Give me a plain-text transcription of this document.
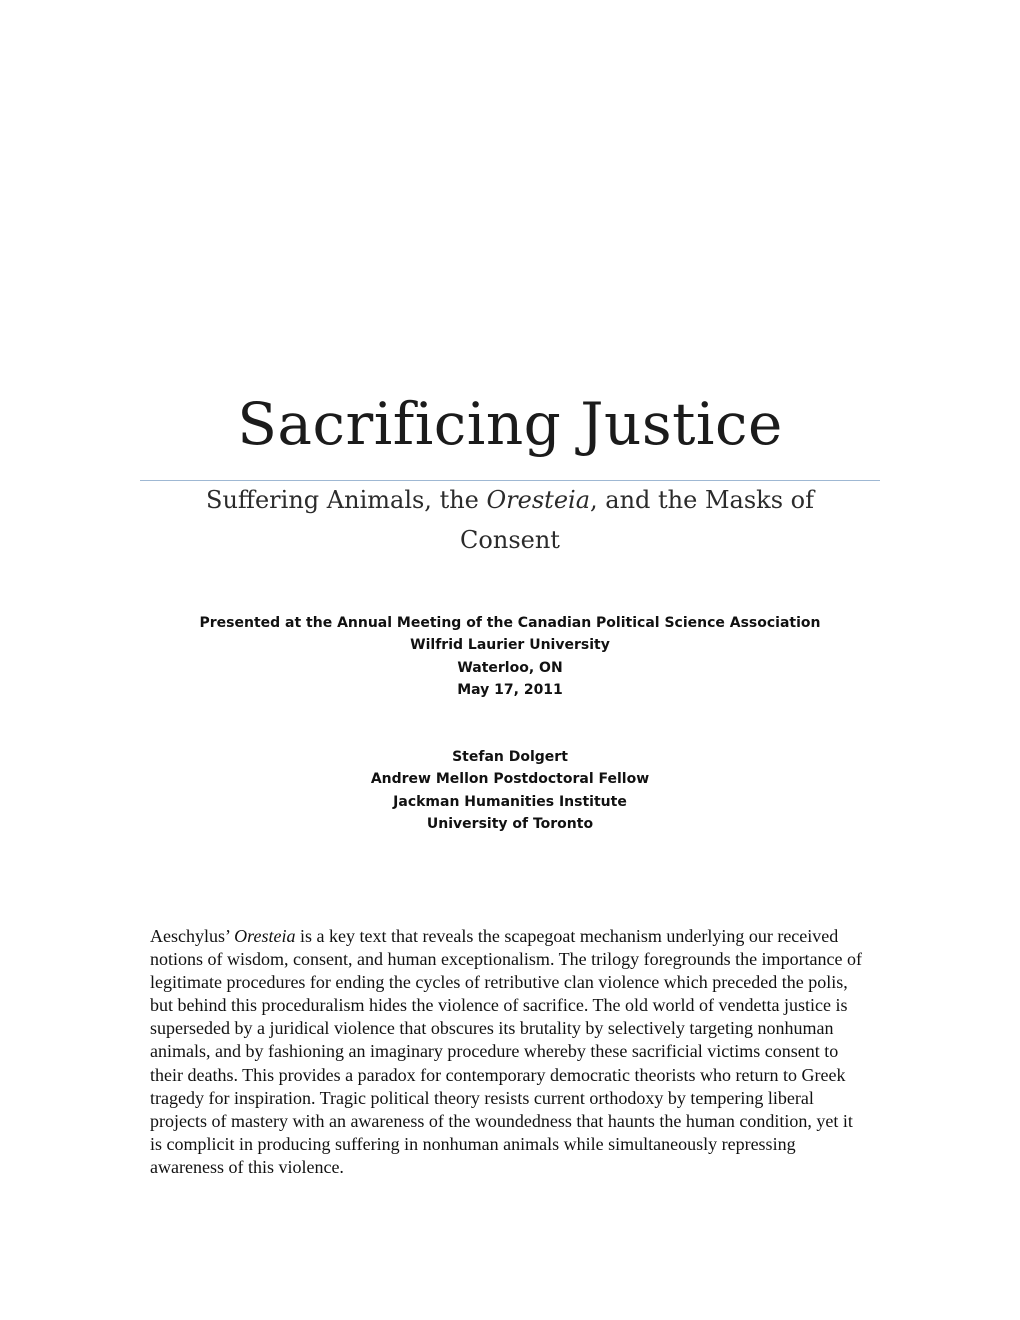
Sacrificing Justice
Suffering Animals, the Oresteia, and the Masks of Consent
Presented at the Annual Meeting of the Canadian Political Science Association
Wilfrid Laurier University
Waterloo, ON
May 17, 2011
Stefan Dolgert
Andrew Mellon Postdoctoral Fellow
Jackman Humanities Institute
University of Toronto
Aeschylus’ Oresteia is a key text that reveals the scapegoat mechanism underlying our received notions of wisdom, consent, and human exceptionalism. The trilogy foregrounds the importance of legitimate procedures for ending the cycles of retributive clan violence which preceded the polis, but behind this proceduralism hides the violence of sacrifice. The old world of vendetta justice is superseded by a juridical violence that obscures its brutality by selectively targeting nonhuman animals, and by fashioning an imaginary procedure whereby these sacrificial victims consent to their deaths. This provides a paradox for contemporary democratic theorists who return to Greek tragedy for inspiration. Tragic political theory resists current orthodoxy by tempering liberal projects of mastery with an awareness of the woundedness that haunts the human condition, yet it is complicit in producing suffering in nonhuman animals while simultaneously repressing awareness of this violence.
